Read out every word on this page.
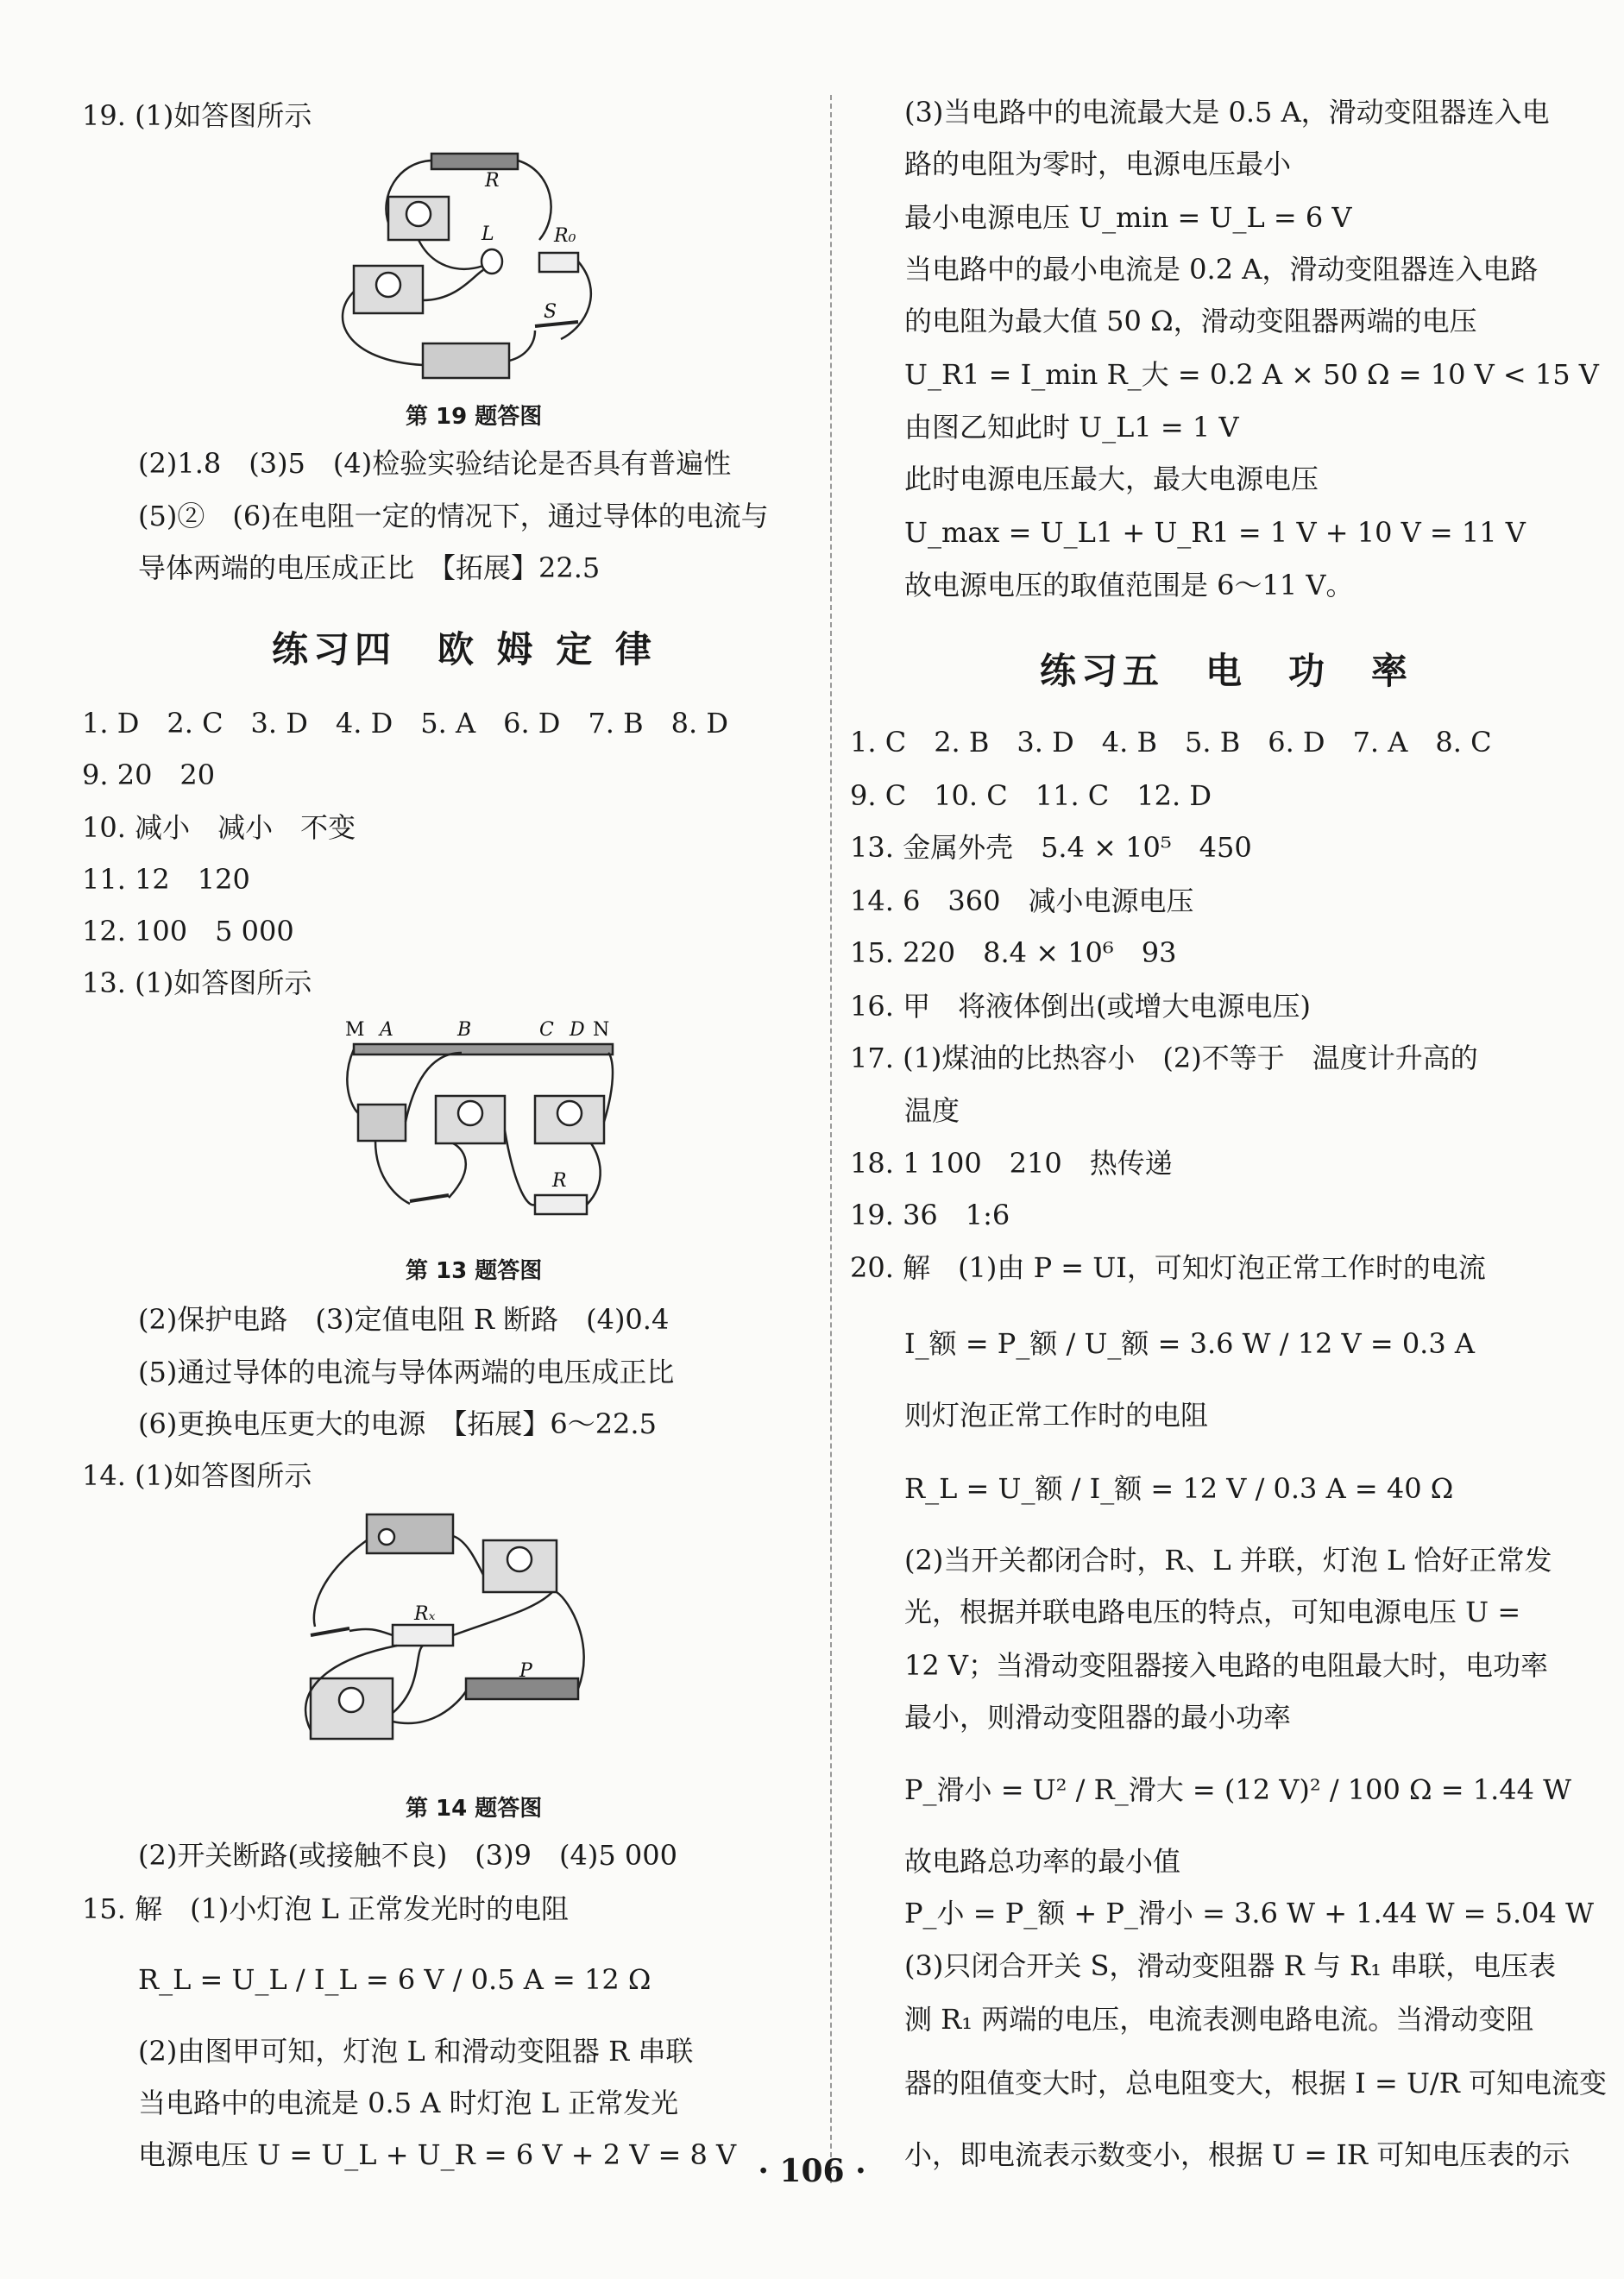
19. (1)如答图所示
R
L	R₀
S
第 19 题答图
(2)1.8　(3)5　(4)检验实验结论是否具有普遍性
(5)②　(6)在电阻一定的情况下，通过导体的电流与
导体两端的电压成正比　【拓展】22.5
练习四　欧 姆 定 律
1. D　2. C　3. D　4. D　5. A　6. D　7. B　8. D
9. 20　20
10. 减小　减小　不变
11. 12　120
12. 100　5 000
13. (1)如答图所示
M A	B	C D N
R
第 13 题答图
(2)保护电路　(3)定值电阻 R 断路　(4)0.4
(5)通过导体的电流与导体两端的电压成正比
(6)更换电压更大的电源　【拓展】6～22.5
14. (1)如答图所示
Rₓ
P
第 14 题答图
(2)开关断路(或接触不良)　(3)9　(4)5 000
15. 解　(1)小灯泡 L 正常发光时的电阻
R_L = U_L / I_L = 6 V / 0.5 A = 12 Ω
(2)由图甲可知，灯泡 L 和滑动变阻器 R 串联
当电路中的电流是 0.5 A 时灯泡 L 正常发光
电源电压 U = U_L + U_R = 6 V + 2 V = 8 V
(3)当电路中的电流最大是 0.5 A，滑动变阻器连入电
路的电阻为零时，电源电压最小
最小电源电压 U_min = U_L = 6 V
当电路中的最小电流是 0.2 A，滑动变阻器连入电路
的电阻为最大值 50 Ω，滑动变阻器两端的电压
U_R1 = I_min R_大 = 0.2 A × 50 Ω = 10 V < 15 V
由图乙知此时 U_L1 = 1 V
此时电源电压最大，最大电源电压
U_max = U_L1 + U_R1 = 1 V + 10 V = 11 V
故电源电压的取值范围是 6～11 V。
练习五　电　功　率
1. C　2. B　3. D　4. B　5. B　6. D　7. A　8. C
9. C　10. C　11. C　12. D
13. 金属外壳　5.4 × 10⁵　450
14. 6　360　减小电源电压
15. 220　8.4 × 10⁶　93
16. 甲　将液体倒出(或增大电源电压)
17. (1)煤油的比热容小　(2)不等于　温度计升高的
温度
18. 1 100　210　热传递
19. 36　1:6
20. 解　(1)由 P = UI，可知灯泡正常工作时的电流
I_额 = P_额 / U_额 = 3.6 W / 12 V = 0.3 A
则灯泡正常工作时的电阻
R_L = U_额 / I_额 = 12 V / 0.3 A = 40 Ω
(2)当开关都闭合时，R、L 并联，灯泡 L 恰好正常发
光，根据并联电路电压的特点，可知电源电压 U =
12 V；当滑动变阻器接入电路的电阻最大时，电功率
最小，则滑动变阻器的最小功率
P_滑小 = U² / R_滑大 = (12 V)² / 100 Ω = 1.44 W
故电路总功率的最小值
P_小 = P_额 + P_滑小 = 3.6 W + 1.44 W = 5.04 W
(3)只闭合开关 S，滑动变阻器 R 与 R₁ 串联，电压表
测 R₁ 两端的电压，电流表测电路电流。当滑动变阻
器的阻值变大时，总电阻变大，根据 I = U/R 可知电流变
小，即电流表示数变小，根据 U = IR 可知电压表的示
· 106 ·
